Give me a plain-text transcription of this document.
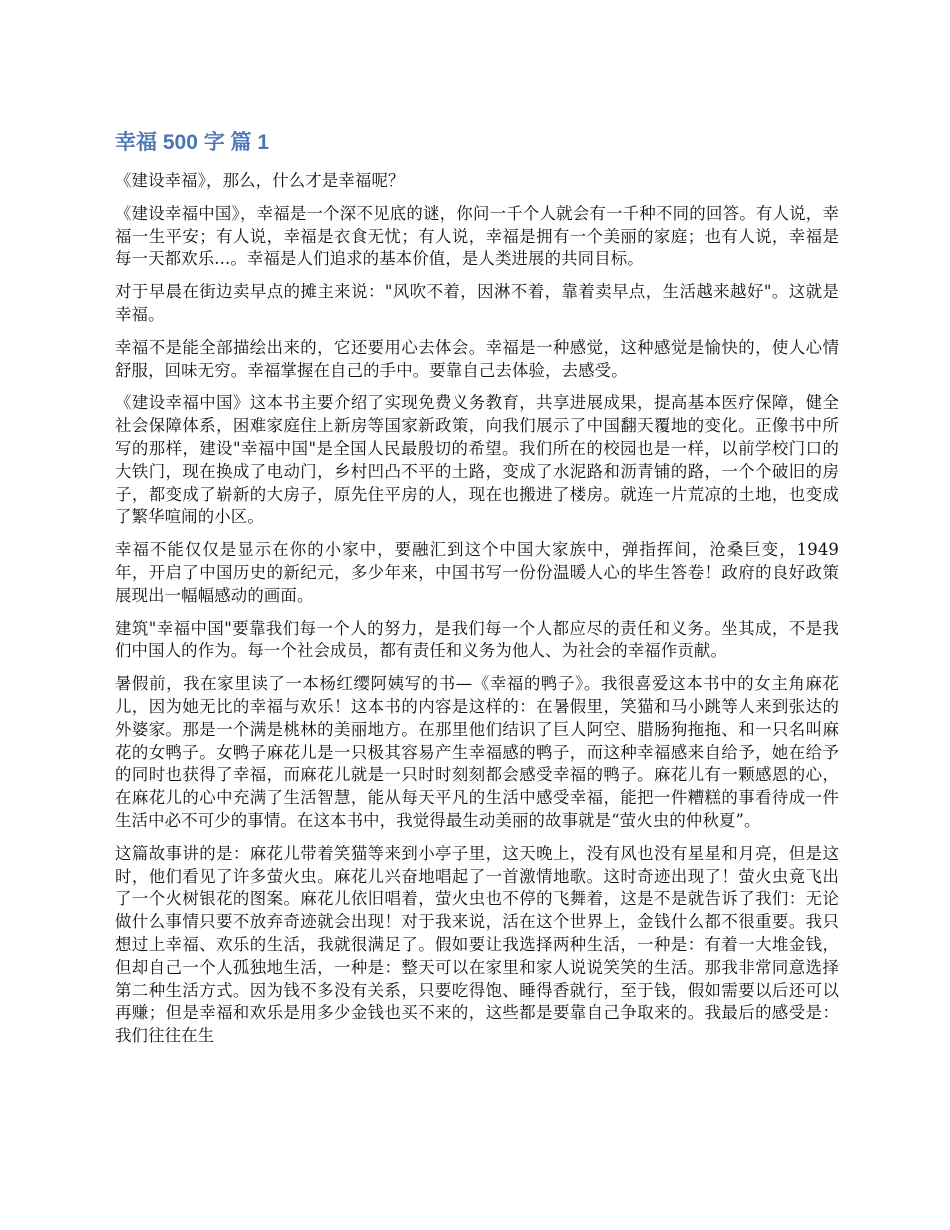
幸福 500 字 篇 1

《建设幸福》，那么，什么才是幸福呢？

《建设幸福中国》，幸福是一个深不见底的谜，你问一千个人就会有一千种不同的回答。有人说，幸福一生平安；有人说，幸福是衣食无忧；有人说，幸福是拥有一个美丽的家庭；也有人说，幸福是每一天都欢乐...。幸福是人们追求的基本价值，是人类进展的共同目标。

对于早晨在街边卖早点的摊主来说："风吹不着，因淋不着，靠着卖早点，生活越来越好"。这就是幸福。

幸福不是能全部描绘出来的，它还要用心去体会。幸福是一种感觉，这种感觉是愉快的，使人心情舒服，回味无穷。幸福掌握在自己的手中。要靠自己去体验，去感受。

《建设幸福中国》这本书主要介绍了实现免费义务教育，共享进展成果，提高基本医疗保障，健全社会保障体系，困难家庭住上新房等国家新政策，向我们展示了中国翻天覆地的变化。正像书中所写的那样，建设"幸福中国"是全国人民最殷切的希望。我们所在的校园也是一样，以前学校门口的大铁门，现在换成了电动门，乡村凹凸不平的土路，变成了水泥路和沥青铺的路，一个个破旧的房子，都变成了崭新的大房子，原先住平房的人，现在也搬进了楼房。就连一片荒凉的土地，也变成了繁华喧闹的小区。

幸福不能仅仅是显示在你的小家中，要融汇到这个中国大家族中，弹指挥间，沧桑巨变，1949 年，开启了中国历史的新纪元，多少年来，中国书写一份份温暖人心的毕生答卷！政府的良好政策展现出一幅幅感动的画面。

建筑"幸福中国"要靠我们每一个人的努力，是我们每一个人都应尽的责任和义务。坐其成，不是我们中国人的作为。每一个社会成员，都有责任和义务为他人、为社会的幸福作贡献。

暑假前，我在家里读了一本杨红缨阿姨写的书—《幸福的鸭子》。我很喜爱这本书中的女主角麻花儿，因为她无比的幸福与欢乐！这本书的内容是这样的：在暑假里，笑猫和马小跳等人来到张达的外婆家。那是一个满是桃林的美丽地方。在那里他们结识了巨人阿空、腊肠狗拖拖、和一只名叫麻花的女鸭子。女鸭子麻花儿是一只极其容易产生幸福感的鸭子，而这种幸福感来自给予，她在给予的同时也获得了幸福，而麻花儿就是一只时时刻刻都会感受幸福的鸭子。麻花儿有一颗感恩的心，在麻花儿的心中充满了生活智慧，能从每天平凡的生活中感受幸福，能把一件糟糕的事看待成一件生活中必不可少的事情。在这本书中，我觉得最生动美丽的故事就是“萤火虫的仲秋夏”。

这篇故事讲的是：麻花儿带着笑猫等来到小亭子里，这天晚上，没有风也没有星星和月亮，但是这时，他们看见了许多萤火虫。麻花儿兴奋地唱起了一首激情地歌。这时奇迹出现了！萤火虫竟飞出了一个火树银花的图案。麻花儿依旧唱着，萤火虫也不停的飞舞着，这是不是就告诉了我们：无论做什么事情只要不放弃奇迹就会出现！对于我来说，活在这个世界上，金钱什么都不很重要。我只想过上幸福、欢乐的生活，我就很满足了。假如要让我选择两种生活，一种是：有着一大堆金钱，但却自己一个人孤独地生活，一种是：整天可以在家里和家人说说笑笑的生活。那我非常同意选择第二种生活方式。因为钱不多没有关系，只要吃得饱、睡得香就行，至于钱，假如需要以后还可以再赚；但是幸福和欢乐是用多少金钱也买不来的，这些都是要靠自己争取来的。我最后的感受是：我们往往在生
